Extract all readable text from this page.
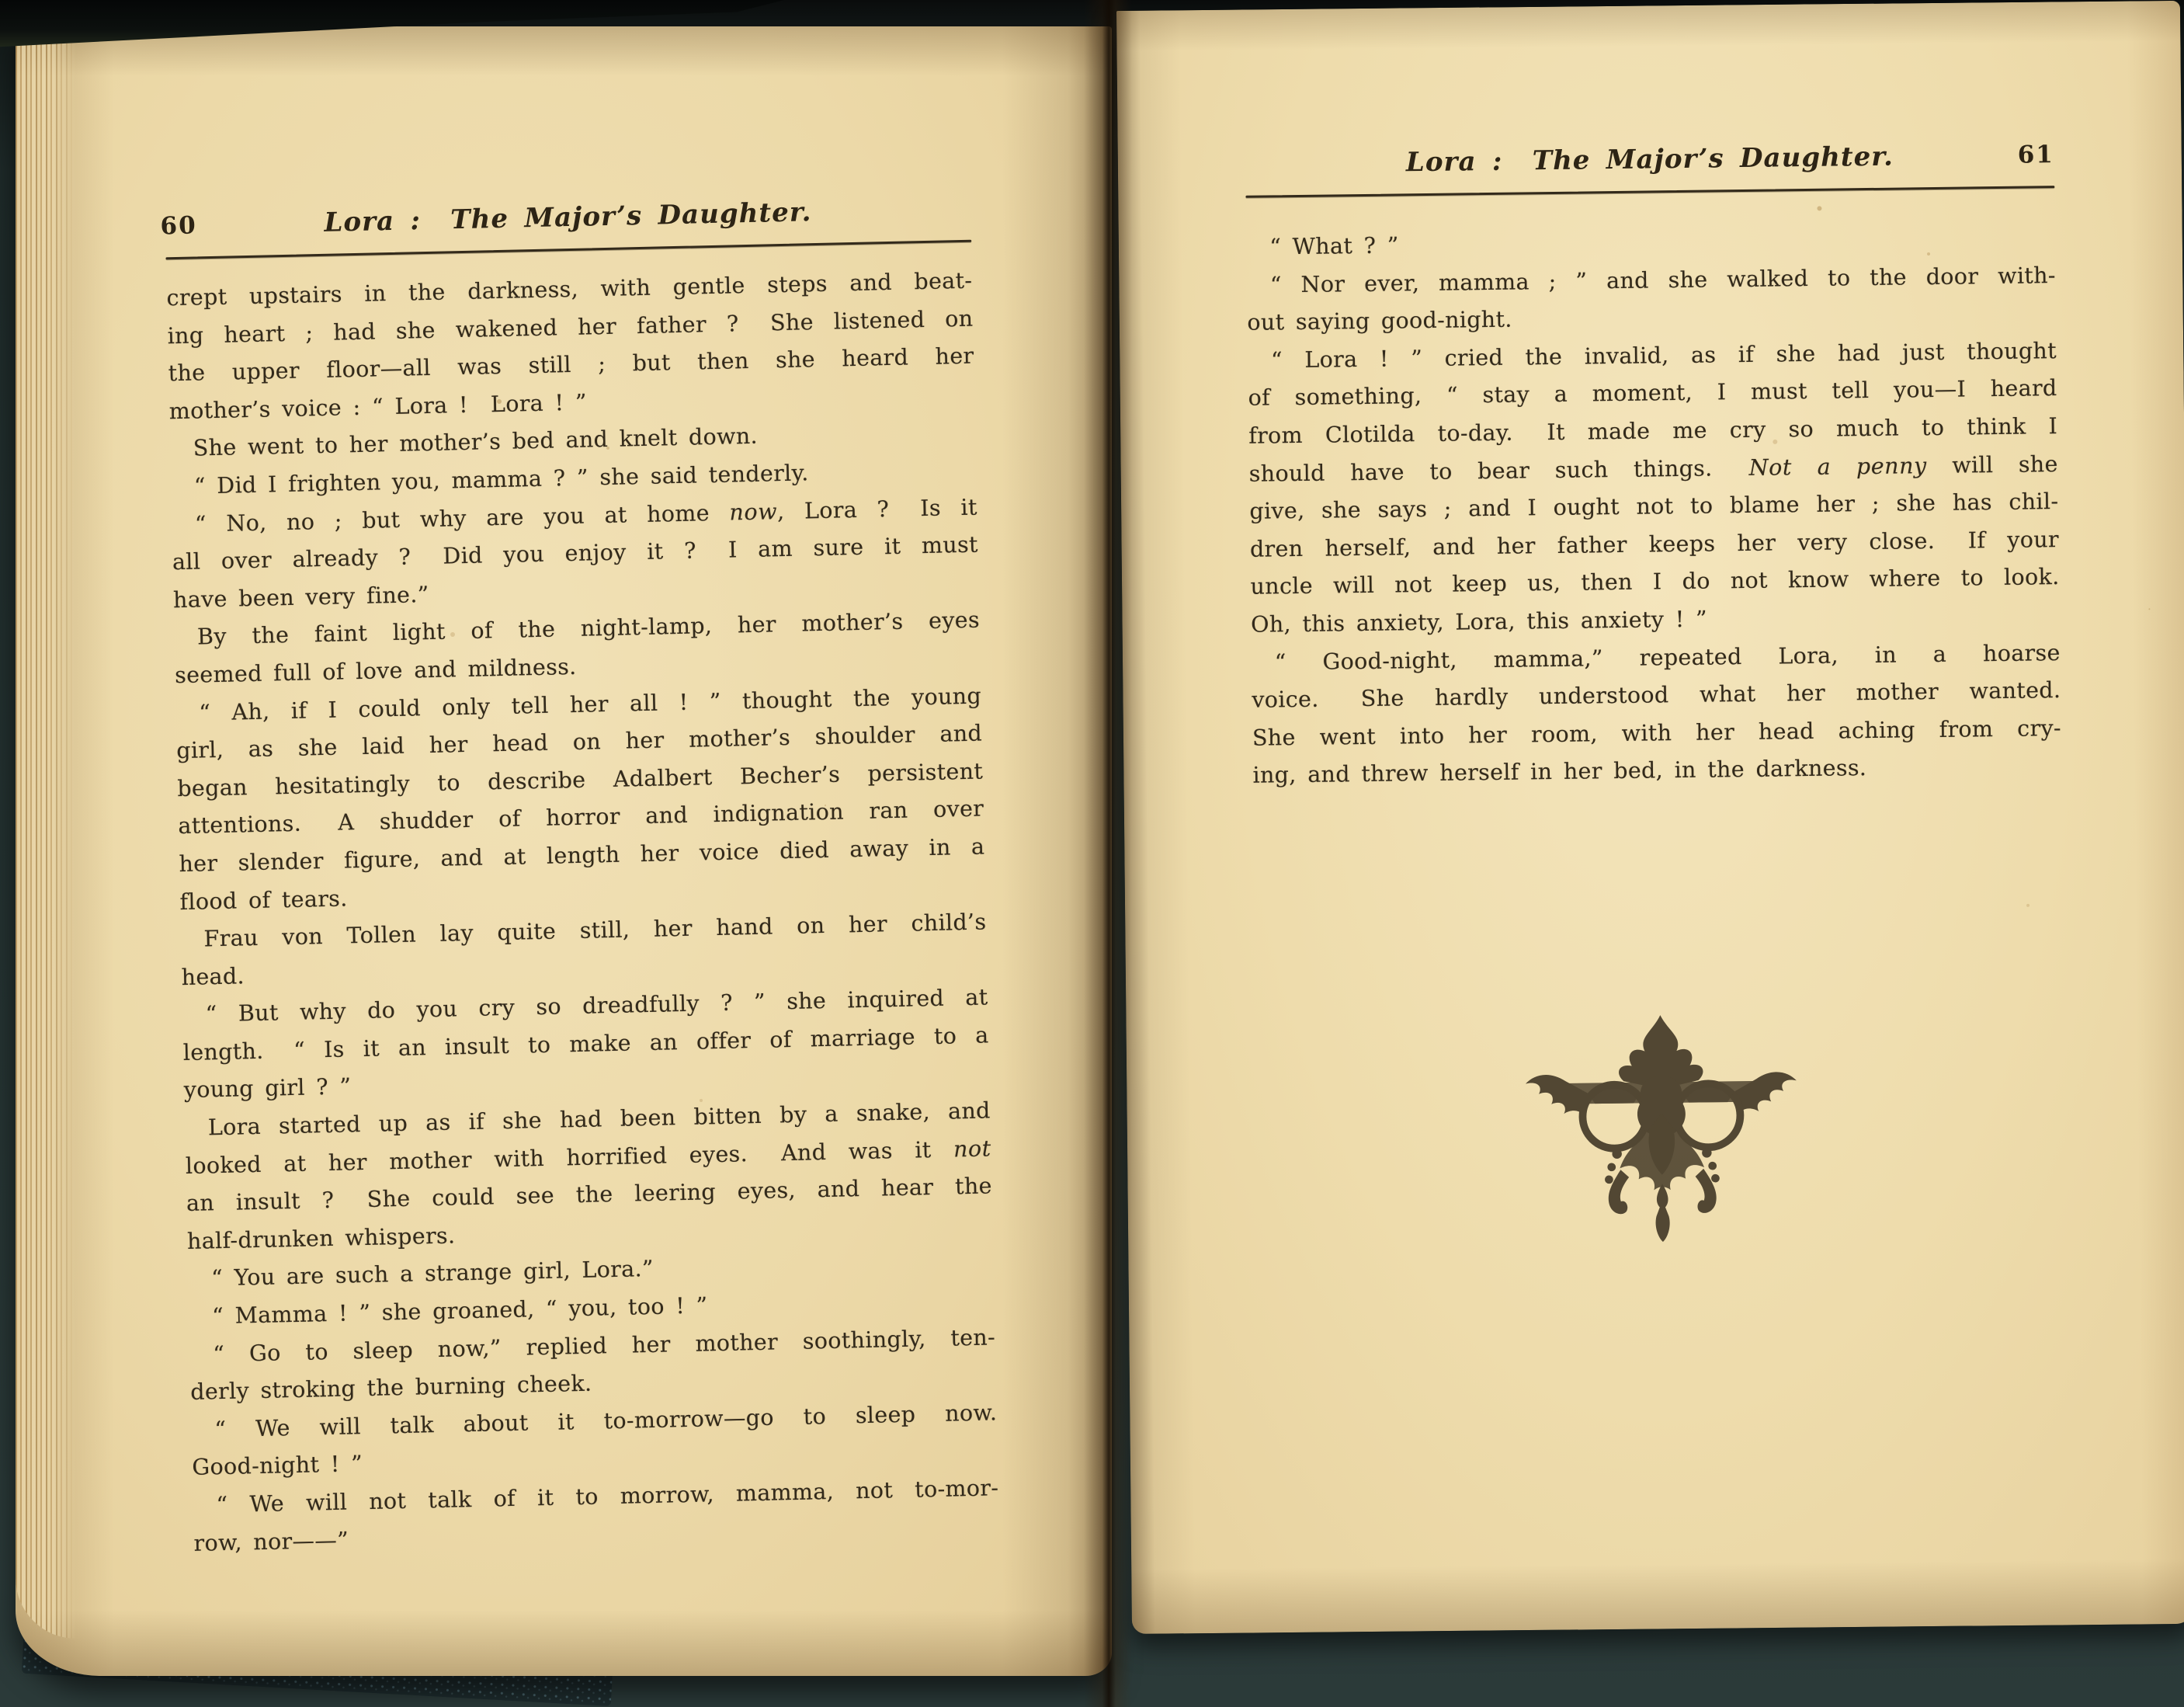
60	Lora :  The Major’s Daughter.
crept upstairs in the darkness, with gentle steps and beat-
ing heart ; had she wakened her father ?  She listened on
the upper floor—all was still ; but then she heard her
mother’s voice : “ Lora !  Lora ! ”
She went to her mother’s bed and knelt down.
“ Did I frighten you, mamma ? ” she said tenderly.
“ No, no ; but why are you at home now, Lora ?  Is it
all over already ?  Did you enjoy it ?  I am sure it must
have been very fine.”
By the faint light of the night-lamp, her mother’s eyes
seemed full of love and mildness.
“ Ah, if I could only tell her all ! ” thought the young
girl, as she laid her head on her mother’s shoulder and
began hesitatingly to describe Adalbert Becher’s persistent
attentions.  A shudder of horror and indignation ran over
her slender figure, and at length her voice died away in a
flood of tears.
Frau von Tollen lay quite still, her hand on her child’s
head.
“ But why do you cry so dreadfully ? ” she inquired at
length.  “ Is it an insult to make an offer of marriage to a
young girl ? ”
Lora started up as if she had been bitten by a snake, and
looked at her mother with horrified eyes.  And was it not
an insult ?  She could see the leering eyes, and hear the
half-drunken whispers.
“ You are such a strange girl, Lora.”
“ Mamma ! ” she groaned, “ you, too ! ”
“ Go to sleep now,” replied her mother soothingly, ten-
derly stroking the burning cheek.
“ We will talk about it to-morrow—go to sleep now.
Good-night ! ”
“ We will not talk of it to morrow, mamma, not to-mor-
row, nor——”
Lora :  The Major’s Daughter.	61
“ What ? ”
“ Nor ever, mamma ; ” and she walked to the door with-
out saying good-night.
“ Lora ! ” cried the invalid, as if she had just thought
of something, “ stay a moment, I must tell you—I heard
from Clotilda to-day.  It made me cry so much to think I
should have to bear such things.  Not a penny will she
give, she says ; and I ought not to blame her ; she has chil-
dren herself, and her father keeps her very close.  If your
uncle will not keep us, then I do not know where to look.
Oh, this anxiety, Lora, this anxiety ! ”
“ Good-night, mamma,” repeated Lora, in a hoarse
voice.  She hardly understood what her mother wanted.
She went into her room, with her head aching from cry-
ing, and threw herself in her bed, in the darkness.
